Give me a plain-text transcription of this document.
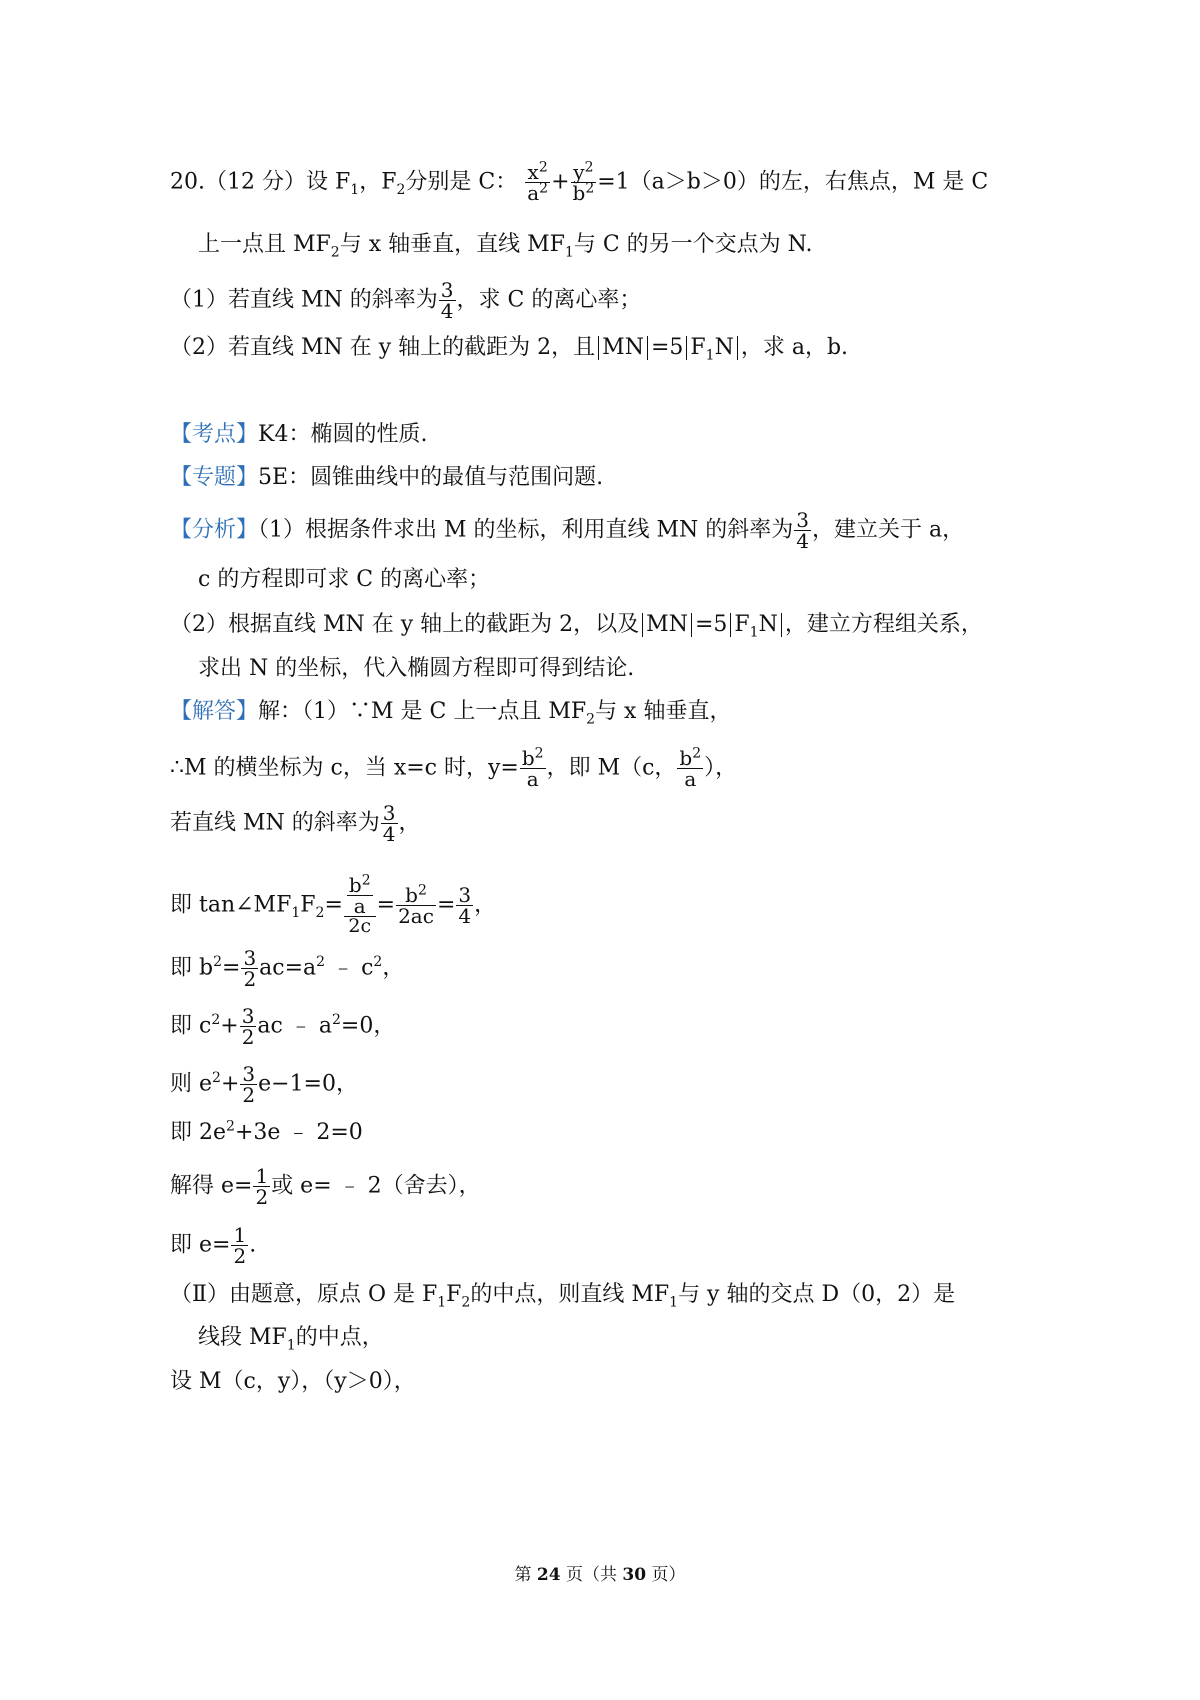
20.（12 分）设 $F_1$，$F_2$分别是 C： $\frac{x^2}{a^2} + \frac{y^2}{b^2} =1(a>b>0)$的左，右焦点，M 是 C
上一点且 $MF_2$与 x 轴垂直，直线 $MF_1$与 C 的另一个交点为 N.
（1）若直线 MN 的斜率为 $\frac{3}{4}$ ，求 C 的离心率；
（2）若直线 MN 在 y 轴上的截距为 2，且 MN =5 $F_1N$ ，求 a，b.
【考点】K4：椭圆的性质.
【专题】5E：圆锥曲线中的最值与范围问题.
【分析】（1）根据条件求出 M 的坐标，利用直线 MN 的斜率为 $\frac{3}{4}$ ，建立关于 a，
c 的方程即可求 C 的离心率；
（2）根据直线 MN 在 y 轴上的截距为 2，以及 MN =5 $F_1N$ ，建立方程组关系，
求出 N 的坐标，代入椭圆方程即可得到结论.
【解答】解：（1）∵M 是 C 上一点且 $MF_2$与 x 轴垂直，
∴M 的横坐标为 c，当 x=c 时，$y= \frac{b^2}{a}$ ，即 M（c， $\frac{b^2}{a}$ ），
若直线 MN 的斜率为 $\frac{3}{4}$ ，
即 $\tan\angle MF_1F_2= \frac{\frac{b^2}{a}}{2c} = \frac{b^2}{2ac} = \frac{3}{4}$ ，
即 $b^2= \frac{3}{2} ac=a^2$ ﹣ $c^2$，
即 $c^2+ \frac{3}{2}$ ac ﹣ $a^2=0$，
则 $e^2+ \frac{3}{2} e-1=0$，
即 $2e^2+3e$ ﹣ 2=0
解得 $e= \frac{1}{2}$ 或 e= ﹣ 2（舍去），
即 $e= \frac{1}{2}$ .
（Ⅱ）由题意，原点 O 是 $F_1F_2$的中点，则直线 $MF_1$与 y 轴的交点 D（0，2）是
线段 $MF_1$的中点，
设 M（c，y），（y＞0），
第 24 页（共 30 页）
